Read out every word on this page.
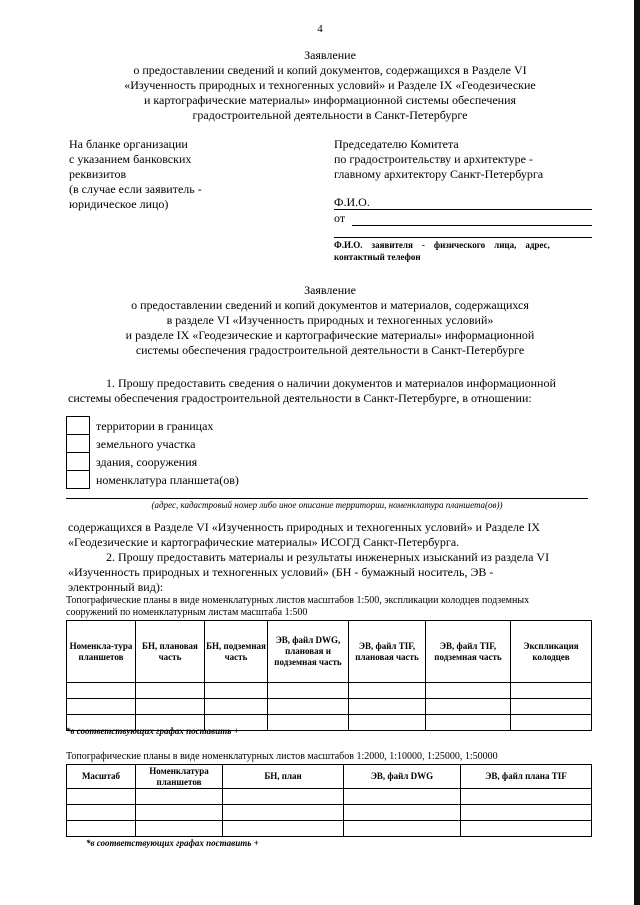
4
Заявление
о предоставлении сведений и копий документов, содержащихся в Разделе VI
«Изученность природных и техногенных условий» и Разделе IX «Геодезические
и картографические материалы» информационной системы обеспечения
градостроительной деятельности в Санкт-Петербурге
На бланке организации
с указанием банковских
реквизитов
(в случае если заявитель -
юридическое лицо)
Председателю Комитета
по градостроительству и архитектуре -
главному архитектору Санкт-Петербурга
Ф.И.О.
от
Ф.И.О.    заявителя    -    физического    лица,    адрес,
контактный телефон
Заявление
о предоставлении сведений и копий документов и материалов, содержащихся
в разделе VI «Изученность природных и техногенных условий»
и разделе IX «Геодезические и картографические материалы» информационной
системы обеспечения градостроительной деятельности в Санкт-Петербурге
1. Прошу предоставить сведения о наличии документов и материалов информационной
системы обеспечения градостроительной деятельности в Санкт-Петербурге, в отношении:
территории в границах
земельного участка
здания, сооружения
номенклатура планшета(ов)
(адрес, кадастровый номер либо иное описание территории, номенклатура планшета(ов))
содержащихся в Разделе VI «Изученность природных и техногенных условий» и Разделе IX
«Геодезические и картографические материалы» ИСОГД Санкт-Петербурга.
2. Прошу предоставить материалы и результаты инженерных изысканий из раздела VI
«Изученность природных и техногенных условий» (БН - бумажный носитель, ЭВ -
электронный вид):
Топографические планы в виде номенклатурных листов масштабов 1:500, экспликации колодцев подземных
сооружений по номенклатурным листам масштаба 1:500
Номенкла-тура планшетов	БН, плановая часть	БН, подземная часть	ЭВ, файл DWG, плановая и подземная часть	ЭВ, файл TIF, плановая часть	ЭВ, файл TIF, подземная часть	Экспликация колодцев

*в соответствующих графах поставить +
Топографические планы в виде номенклатурных листов масштабов 1:2000, 1:10000, 1:25000, 1:50000
Масштаб	Номенклатура планшетов	БН, план	ЭВ, файл DWG	ЭВ, файл плана TIF

*в соответствующих графах поставить +
